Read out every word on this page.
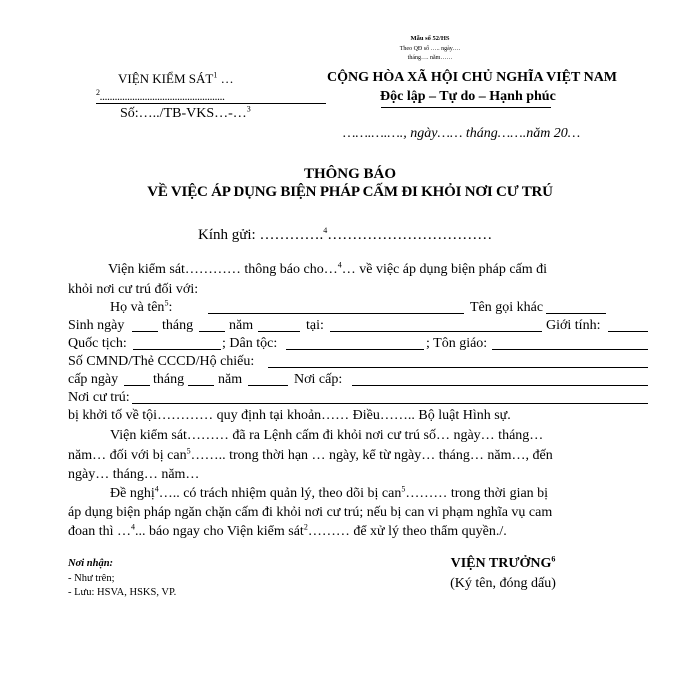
Mẫu số 52/HS
Theo QĐ số ….. ngày….
tháng…. năm……
VIỆN KIỂM SÁT$^1$ …
$^2$..................................................
Số:…../TB-VKS…-…$^3$
CỘNG HÒA XÃ HỘI CHỦ NGHĨA VIỆT NAM
Độc lập – Tự do – Hạnh phúc
…….….…., ngày…… tháng…….năm 20…
THÔNG BÁO
VỀ VIỆC ÁP DỤNG BIỆN PHÁP CẤM ĐI KHỎI NƠI CƯ TRÚ
Kính gửi: ………….$^4$……………………………
Viện kiểm sát………… thông báo cho…$^4$… về việc áp dụng biện pháp cấm đi
khỏi nơi cư trú đối với:
Họ và tên$^5$:	Tên gọi khác
Sinh ngày	tháng	năm	tại:	Giới tính:
Quốc tịch:	; Dân tộc:	; Tôn giáo:
Số CMND/Thẻ CCCD/Hộ chiếu:
cấp ngày tháng năm	Nơi cấp:
Nơi cư trú:
bị khởi tố về tội………… quy định tại khoản…… Điều…….. Bộ luật Hình sự.
Viện kiểm sát……… đã ra Lệnh cấm đi khỏi nơi cư trú số… ngày… tháng…
năm… đối với bị can$^5$…….. trong thời hạn … ngày, kể từ ngày… tháng… năm…, đến
ngày… tháng… năm…
Đề nghị$^4$….. có trách nhiệm quản lý, theo dõi bị can$^5$……… trong thời gian bị
áp dụng biện pháp ngăn chặn cấm đi khỏi nơi cư trú; nếu bị can vi phạm nghĩa vụ cam
đoan thì …$^4$... báo ngay cho Viện kiểm sát$^2$……… để xử lý theo thẩm quyền./.
Nơi nhận:
- Như trên;
- Lưu: HSVA, HSKS, VP.
VIỆN TRƯỞNG$^6$
(Ký tên, đóng dấu)
